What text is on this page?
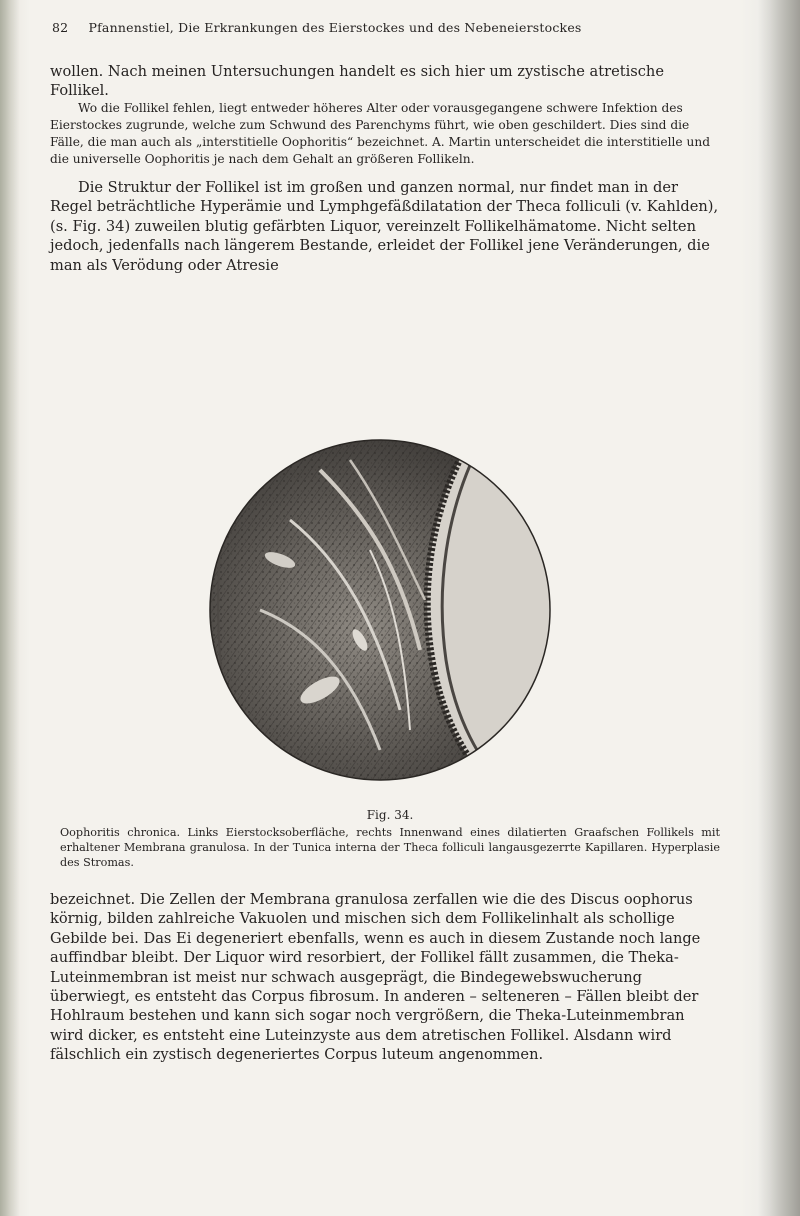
82 Pfannenstiel, Die Erkrankungen des Eierstockes und des Nebeneierstockes

wollen. Nach meinen Untersuchungen handelt es sich hier um zystische atretische Follikel.

Wo die Follikel fehlen, liegt entweder höheres Alter oder vorausgegangene schwere Infektion des Eierstockes zugrunde, welche zum Schwund des Parenchyms führt, wie oben geschildert. Dies sind die Fälle, die man auch als „interstitielle Oophoritis“ bezeichnet. A. Martin unterscheidet die interstitielle und die universelle Oophoritis je nach dem Gehalt an größeren Follikeln.

Die Struktur der Follikel ist im großen und ganzen normal, nur findet man in der Regel beträchtliche Hyperämie und Lymphgefäßdilatation der Theca folliculi (v. Kahlden), (s. Fig. 34) zuweilen blutig gefärbten Liquor, vereinzelt Follikelhämatome. Nicht selten jedoch, jedenfalls nach längerem Bestande, erleidet der Follikel jene Veränderungen, die man als Verödung oder Atresie

Fig. 34.
Oophoritis chronica. Links Eierstocksoberfläche, rechts Innenwand eines dilatierten Graafschen Follikels mit erhaltener Membrana granulosa. In der Tunica interna der Theca folliculi langausgezerrte Kapillaren. Hyperplasie des Stromas.

bezeichnet. Die Zellen der Membrana granulosa zerfallen wie die des Discus oophorus körnig, bilden zahlreiche Vakuolen und mischen sich dem Follikelinhalt als schollige Gebilde bei. Das Ei degeneriert ebenfalls, wenn es auch in diesem Zustande noch lange auffindbar bleibt. Der Liquor wird resorbiert, der Follikel fällt zusammen, die Theka-Luteinmembran ist meist nur schwach ausgeprägt, die Bindegewebswucherung überwiegt, es entsteht das Corpus fibrosum. In anderen – selteneren – Fällen bleibt der Hohlraum bestehen und kann sich sogar noch vergrößern, die Theka-Luteinmembran wird dicker, es entsteht eine Luteinzyste aus dem atretischen Follikel. Alsdann wird fälschlich ein zystisch degeneriertes Corpus luteum angenommen.
